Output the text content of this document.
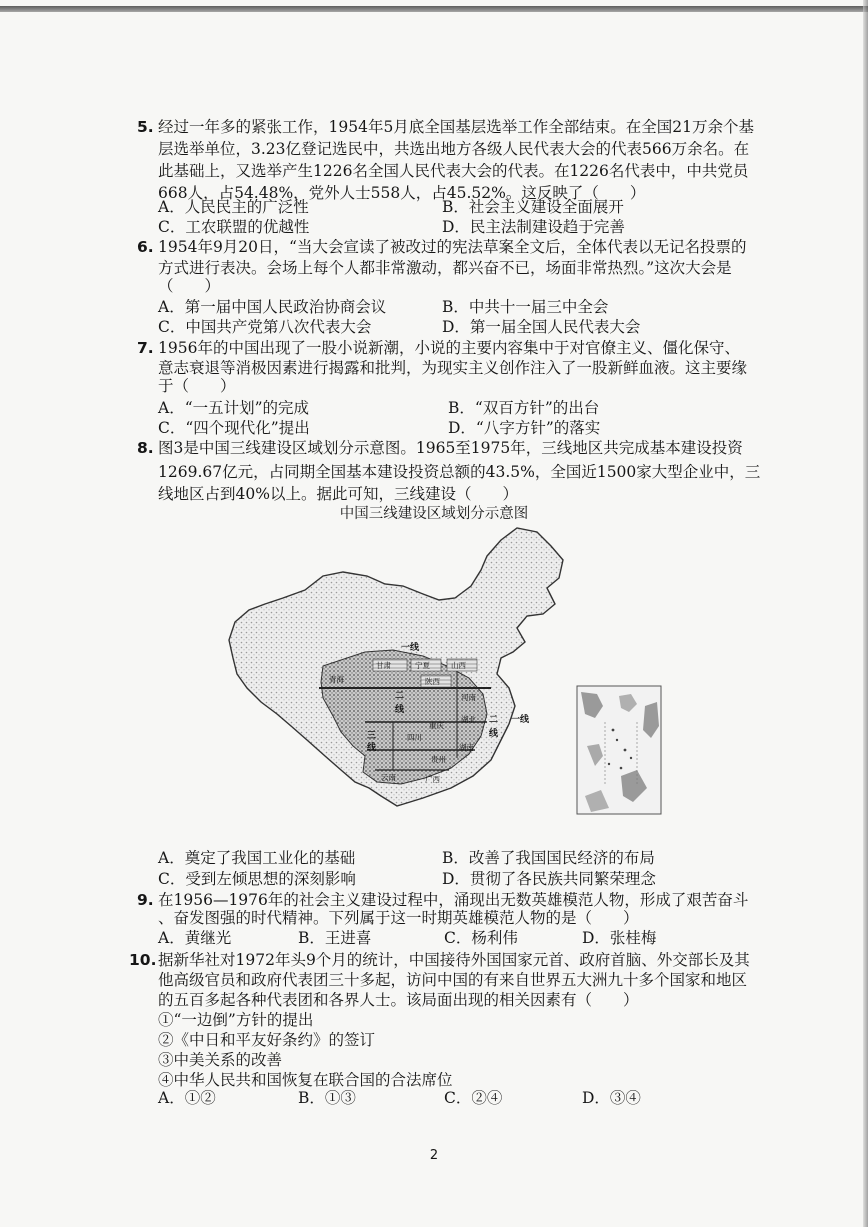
5. 经过一年多的紧张工作，1954年5月底全国基层选举工作全部结束。在全国21万余个基
层选举单位，3.23亿登记选民中，共选出地方各级人民代表大会的代表566万余名。在
此基础上，又选举产生1226名全国人民代表大会的代表。在1226名代表中，中共党员
668人，占54.48%，党外人士558人，占45.52%。这反映了（　　）
A．人民民主的广泛性	B．社会主义建设全面展开
C．工农联盟的优越性	D．民主法制建设趋于完善
6. 1954年9月20日，“当大会宣读了被改过的宪法草案全文后，全体代表以无记名投票的
方式进行表决。会场上每个人都非常激动，都兴奋不已，场面非常热烈。”这次大会是
（　　）
A．第一届中国人民政治协商会议	B．中共十一届三中全会
C．中国共产党第八次代表大会	D．第一届全国人民代表大会
7. 1956年的中国出现了一股小说新潮，小说的主要内容集中于对官僚主义、僵化保守、
意志衰退等消极因素进行揭露和批判，为现实主义创作注入了一股新鲜血液。这主要缘
于（　　）
A．“一五计划”的完成	B．“双百方针”的出台
C．“四个现代化”提出	D．“八字方针”的落实
8. 图3是中国三线建设区域划分示意图。1965至1975年，三线地区共完成基本建设投资
1269.67亿元，占同期全国基本建设投资总额的43.5%，全国近1500家大型企业中，三
线地区占到40%以上。据此可知，三线建设（　　）
中国三线建设区域划分示意图
一线
甘肃	宁夏	山西
青海	陕西
二
线
河南
湖北
四川
重庆
三
线	湖南
贵州
云南	广西
二
线
一线
A．奠定了我国工业化的基础	B．改善了我国国民经济的布局
C．受到左倾思想的深刻影响	D．贯彻了各民族共同繁荣理念
9. 在1956—1976年的社会主义建设过程中，涌现出无数英雄模范人物，形成了艰苦奋斗
、奋发图强的时代精神。下列属于这一时期英雄模范人物的是（　　）
A．黄继光	B．王进喜	C．杨利伟	D．张桂梅
10. 据新华社对1972年头9个月的统计，中国接待外国国家元首、政府首脑、外交部长及其
他高级官员和政府代表团三十多起，访问中国的有来自世界五大洲九十多个国家和地区
的五百多起各种代表团和各界人士。该局面出现的相关因素有（　　）
①“一边倒”方针的提出
②《中日和平友好条约》的签订
③中美关系的改善
④中华人民共和国恢复在联合国的合法席位
A．①②	B．①③	C．②④	D．③④
2
